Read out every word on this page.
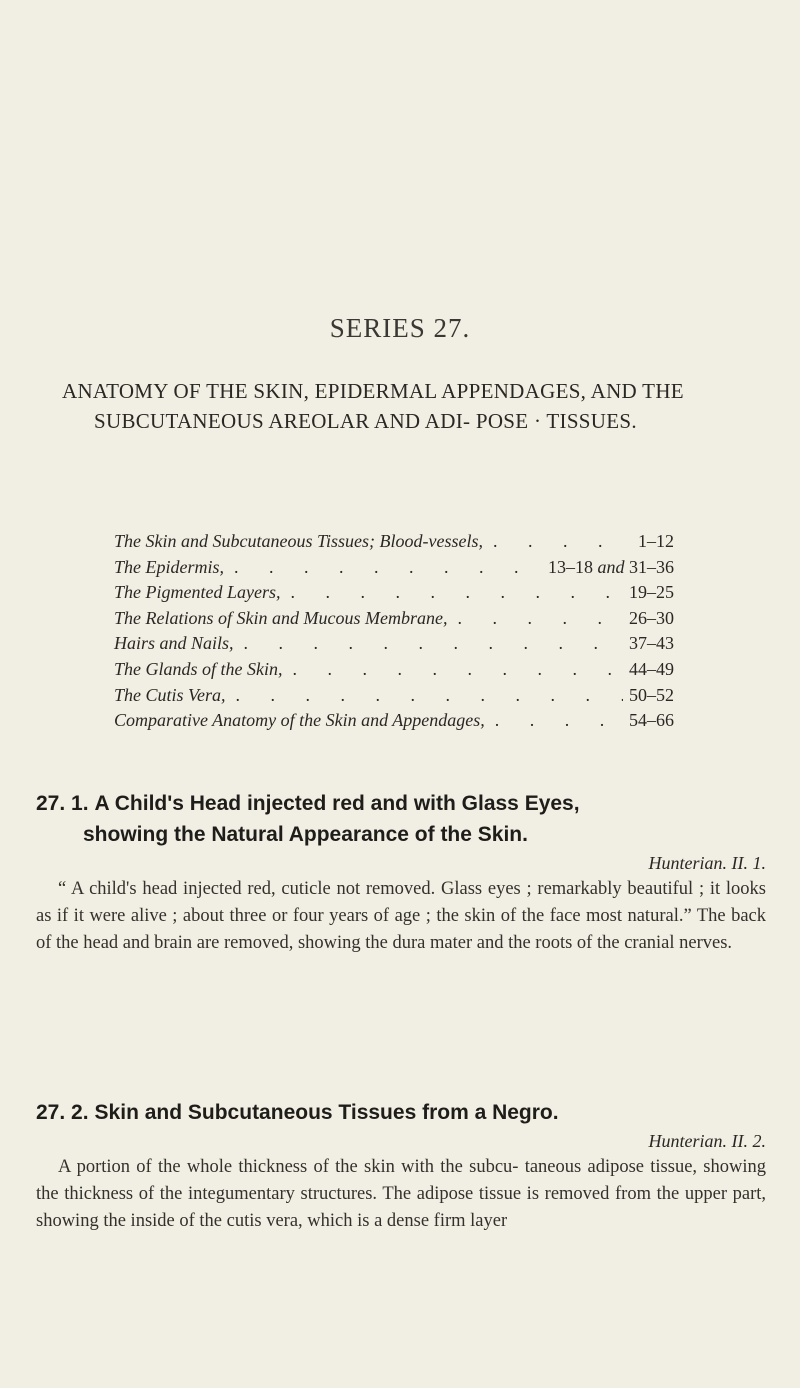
SERIES 27.
ANATOMY OF THE SKIN, EPIDERMAL APPENDAGES, AND THE SUBCUTANEOUS AREOLAR AND ADI- POSE · TISSUES.
The Skin and Subcutaneous Tissues; Blood-vessels, . . .	1–12
The Epidermis, . . .	13–18 and 31–36
The Pigmented Layers, . . .	19–25
The Relations of Skin and Mucous Membrane, . . .	26–30
Hairs and Nails, . . .	37–43
The Glands of the Skin, . . .	44–49
The Cutis Vera, . . .	50–52
Comparative Anatomy of the Skin and Appendages, . . .	54–66
27. 1. A Child's Head injected red and with Glass Eyes,
showing the Natural Appearance of the Skin.
Hunterian. II. 1.
“ A child's head injected red, cuticle not removed. Glass eyes ; remarkably beautiful ; it looks as if it were alive ; about three or four years of age ; the skin of the face most natural.” The back of the head and brain are removed, showing the dura mater and the roots of the cranial nerves.
27. 2. Skin and Subcutaneous Tissues from a Negro.
Hunterian. II. 2.
A portion of the whole thickness of the skin with the subcu- taneous adipose tissue, showing the thickness of the integumentary structures. The adipose tissue is removed from the upper part, showing the inside of the cutis vera, which is a dense firm layer
